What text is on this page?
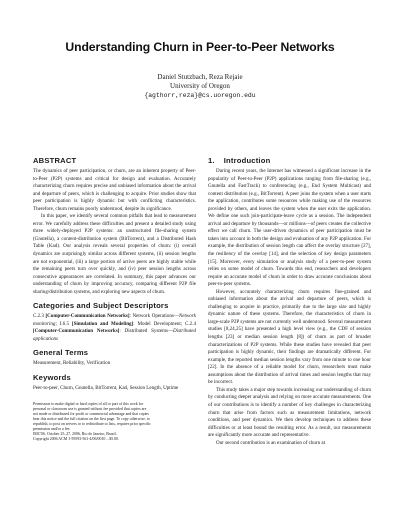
Understanding Churn in Peer-to-Peer Networks
Daniel Stutzbach, Reza Rejaie
University of Oregon
{agthorr,reza}@cs.uoregon.edu
ABSTRACT

The dynamics of peer participation, or churn, are an inherent property of Peer-to-Peer (P2P) systems and critical for design and evaluation. Accurately characterizing churn requires precise and unbiased information about the arrival and departure of peers, which is challenging to acquire. Prior studies show that peer participation is highly dynamic but with conflicting characteristics. Therefore, churn remains poorly understood, despite its significance.

In this paper, we identify several common pitfalls that lead to measurement error. We carefully address these difficulties and present a detailed study using three widely-deployed P2P systems: an unstructured file-sharing system (Gnutella), a content-distribution system (BitTorrent), and a Distributed Hash Table (Kad). Our analysis reveals several properties of churn: (i) overall dynamics are surprisingly similar across different systems, (ii) session lengths are not exponential, (iii) a large portion of active peers are highly stable while the remaining peers turn over quickly, and (iv) peer session lengths across consecutive appearances are correlated. In summary, this paper advances our understanding of churn by improving accuracy, comparing different P2P file sharing/distribution systems, and exploring new aspects of churn.

Categories and Subject Descriptors

C.2.3 [Computer-Communication Networks]: Network Operations—Network monitoring; I.6.5 [Simulation and Modeling]: Model Development; C.2.4 [Computer-Communication Networks]: Distributed Systems—Distributed applications

General Terms

Measurement, Reliability, Verification

Keywords

Peer-to-peer, Churn, Gnutella, BitTorrent, Kad, Session Length, Uptime

Permission to make digital or hard copies of all or part of this work for
personal or classroom use is granted without fee provided that copies are
not made or distributed for profit or commercial advantage and that copies
bear this notice and the full citation on the first page. To copy otherwise, to
republish, to post on servers or to redistribute to lists, requires prior specific
permission and/or a fee.
IMC'06, October 25–27, 2006, Rio de Janeiro, Brazil.
Copyright 2006 ACM 1-59593-561-4/06/0010 ...$5.00.
1. Introduction

During recent years, the Internet has witnessed a significant increase in the popularity of Peer-to-Peer (P2P) applications ranging from file-sharing (e.g., Gnutella and FastTrack) to conferencing (e.g., End System Multicast) and content distribution (e.g., BitTorrent). A peer joins the system when a user starts the application, contributes some resources while making use of the resources provided by others, and leaves the system when the user exits the application. We define one such join-participate-leave cycle as a session. The independent arrival and departure by thousands—or millions—of peers creates the collective effect we call churn. The user-driven dynamics of peer participation must be taken into account in both the design and evaluation of any P2P application. For example, the distribution of session length can affect the overlay structure [27], the resiliency of the overlay [14], and the selection of key design parameters [15]. Moreover, every simulation or analysis study of a peer-to-peer system relies on some model of churn. Towards this end, researchers and developers require an accurate model of churn in order to draw accurate conclusions about peer-to-peer systems.

However, accurately characterizing churn requires fine-grained and unbiased information about the arrival and departure of peers, which is challenging to acquire in practice, primarily due to the large size and highly dynamic nature of these systems. Therefore, the characteristics of churn in large-scale P2P systems are not currently well understood. Several measurement studies [8,24,25] have presented a high level view (e.g., the CDF of session lengths [23] or median session length [8]) of churn as part of broader characterizations of P2P systems. While these studies have revealed that peer participation is highly dynamic, their findings are dramatically different. For example, the reported median session lengths vary from one minute to one hour [22]. In the absence of a reliable model for churn, researchers must make assumptions about the distribution of arrival times and session lengths that may be incorrect.

This study takes a major step towards increasing our understanding of churn by conducting deeper analysis and relying on more accurate measurements. One of our contributions is to identify a number of key challenges in characterizing churn that arise from factors such as measurement limitations, network conditions, and peer dynamics. We then develop techniques to address these difficulties or at least bound the resulting error. As a result, our measurements are significantly more accurate and representative.

Our second contribution is an examination of churn at
